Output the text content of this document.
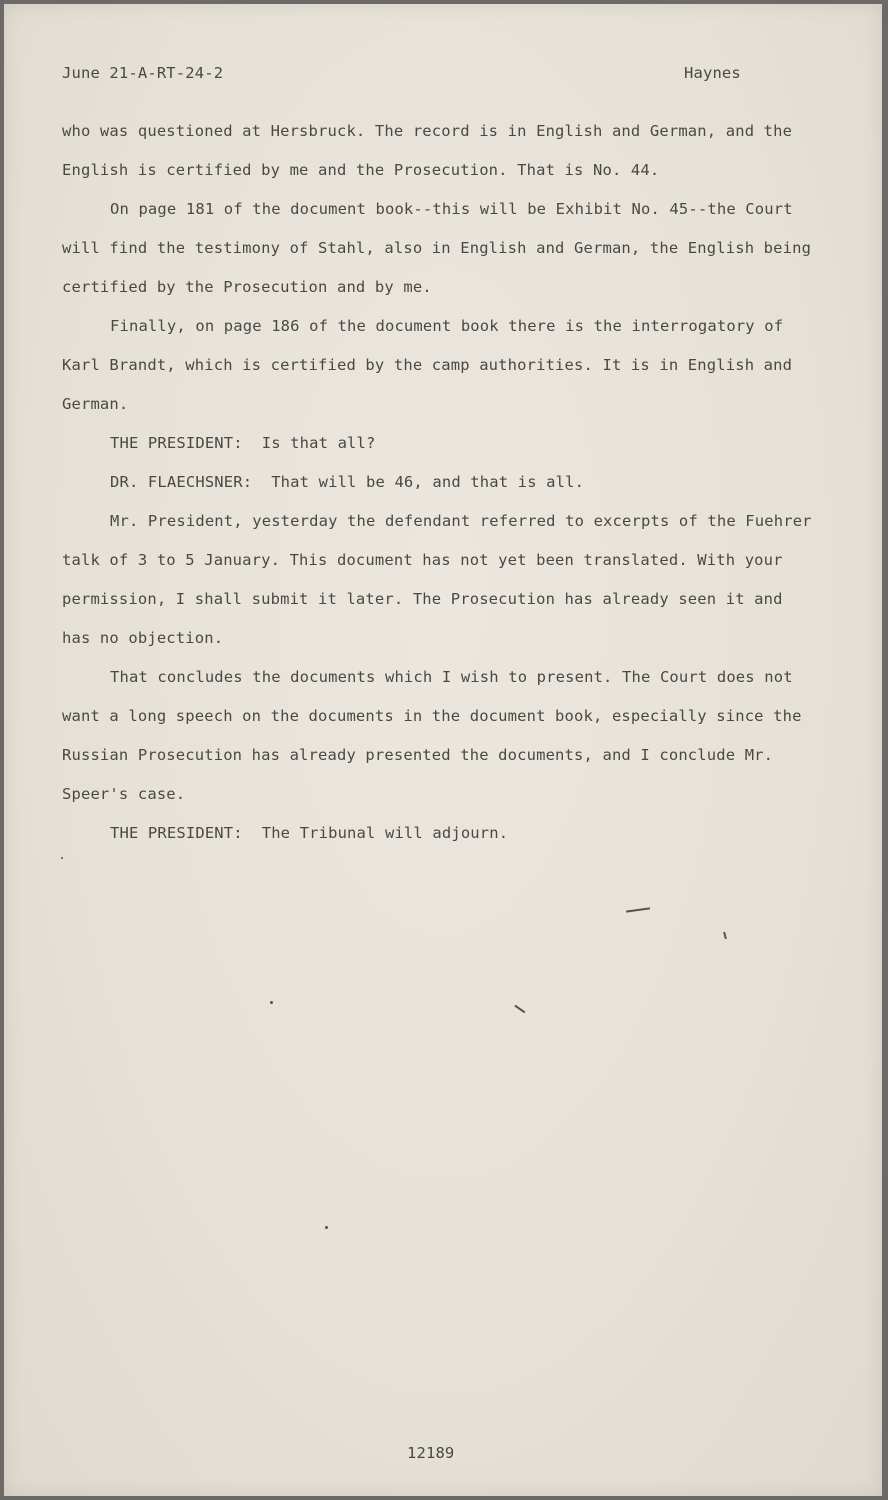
June 21-A-RT-24-2	Haynes

who was questioned at Hersbruck. The record is in English and German, and the

English is certified by me and the Prosecution. That is No. 44.

On page 181 of the document book--this will be Exhibit No. 45--the Court

will find the testimony of Stahl, also in English and German, the English being

certified by the Prosecution and by me.

Finally, on page 186 of the document book there is the interrogatory of

Karl Brandt, which is certified by the camp authorities. It is in English and

German.

THE PRESIDENT:  Is that all?

DR. FLAECHSNER:  That will be 46, and that is all.

Mr. President, yesterday the defendant referred to excerpts of the Fuehrer

talk of 3 to 5 January. This document has not yet been translated. With your

permission, I shall submit it later. The Prosecution has already seen it and

has no objection.

That concludes the documents which I wish to present. The Court does not

want a long speech on the documents in the document book, especially since the

Russian Prosecution has already presented the documents, and I conclude Mr.

Speer's case.

THE PRESIDENT:  The Tribunal will adjourn.

12189
